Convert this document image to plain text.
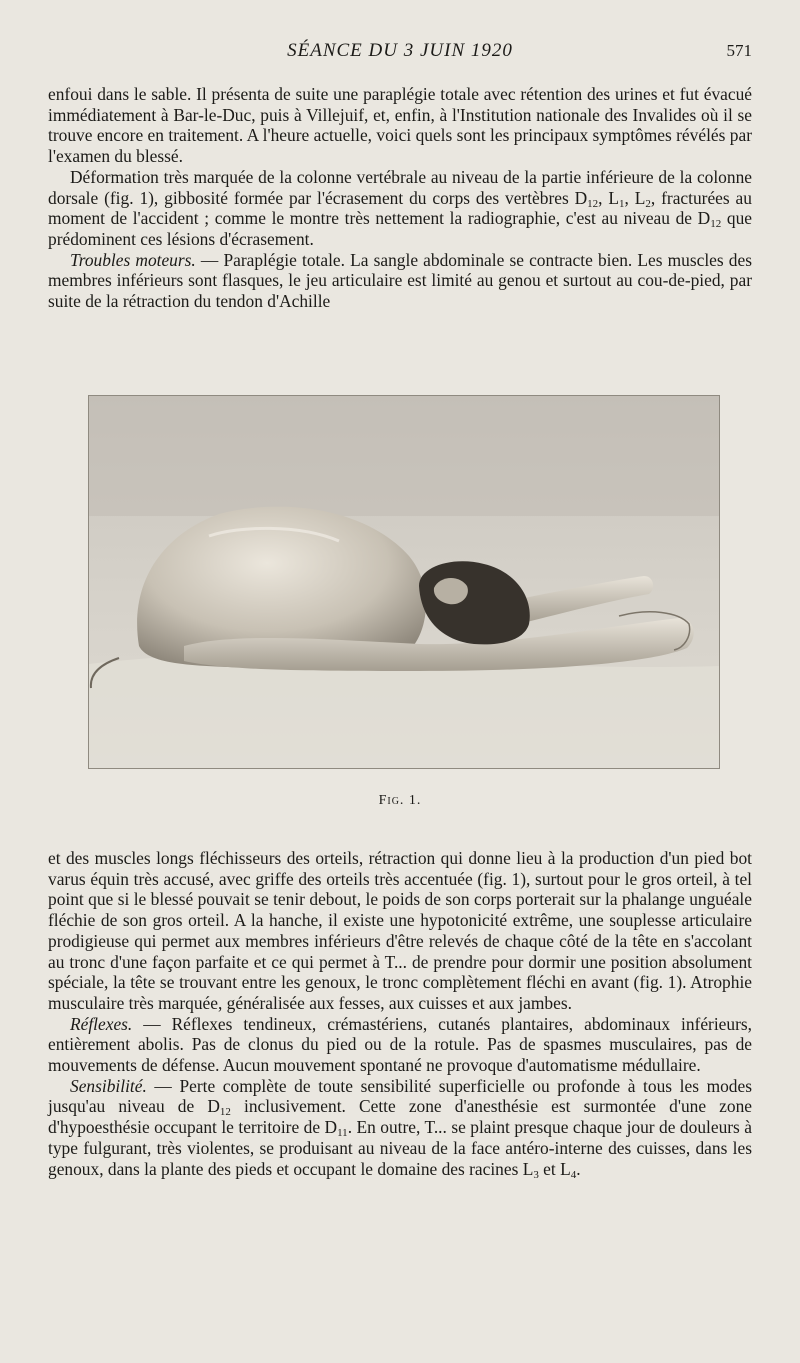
SÉANCE DU 3 JUIN 1920	571

enfoui dans le sable. Il présenta de suite une paraplégie totale avec rétention des urines et fut évacué immédiatement à Bar-le-Duc, puis à Villejuif, et, enfin, à l'Institution nationale des Invalides où il se trouve encore en traitement. A l'heure actuelle, voici quels sont les principaux symptômes révélés par l'examen du blessé.

Déformation très marquée de la colonne vertébrale au niveau de la partie inférieure de la colonne dorsale (fig. 1), gibbosité formée par l'écrasement du corps des vertèbres $D_{12}$, $L_1$, $L_2$, fracturées au moment de l'accident ; comme le montre très nettement la radiographie, c'est au niveau de $D_{12}$ que prédominent ces lésions d'écrasement.

Troubles moteurs. — Paraplégie totale. La sangle abdominale se contracte bien. Les muscles des membres inférieurs sont flasques, le jeu articulaire est limité au genou et surtout au cou-de-pied, par suite de la rétraction du tendon d'Achille

Fig. 1.

et des muscles longs fléchisseurs des orteils, rétraction qui donne lieu à la production d'un pied bot varus équin très accusé, avec griffe des orteils très accentuée (fig. 1), surtout pour le gros orteil, à tel point que si le blessé pouvait se tenir debout, le poids de son corps porterait sur la phalange unguéale fléchie de son gros orteil. A la hanche, il existe une hypotonicité extrême, une souplesse articulaire prodigieuse qui permet aux membres inférieurs d'être relevés de chaque côté de la tête en s'accolant au tronc d'une façon parfaite et ce qui permet à T... de prendre pour dormir une position absolument spéciale, la tête se trouvant entre les genoux, le tronc complètement fléchi en avant (fig. 1). Atrophie musculaire très marquée, généralisée aux fesses, aux cuisses et aux jambes.

Réflexes. — Réflexes tendineux, crémastériens, cutanés plantaires, abdominaux inférieurs, entièrement abolis. Pas de clonus du pied ou de la rotule. Pas de spasmes musculaires, pas de mouvements de défense. Aucun mouvement spontané ne provoque d'automatisme médullaire.

Sensibilité. — Perte complète de toute sensibilité superficielle ou profonde à tous les modes jusqu'au niveau de $D_{12}$ inclusivement. Cette zone d'anesthésie est surmontée d'une zone d'hypoesthésie occupant le territoire de $D_{11}$. En outre, T... se plaint presque chaque jour de douleurs à type fulgurant, très violentes, se produisant au niveau de la face antéro-interne des cuisses, dans les genoux, dans la plante des pieds et occupant le domaine des racines $L_3$ et $L_4$.
